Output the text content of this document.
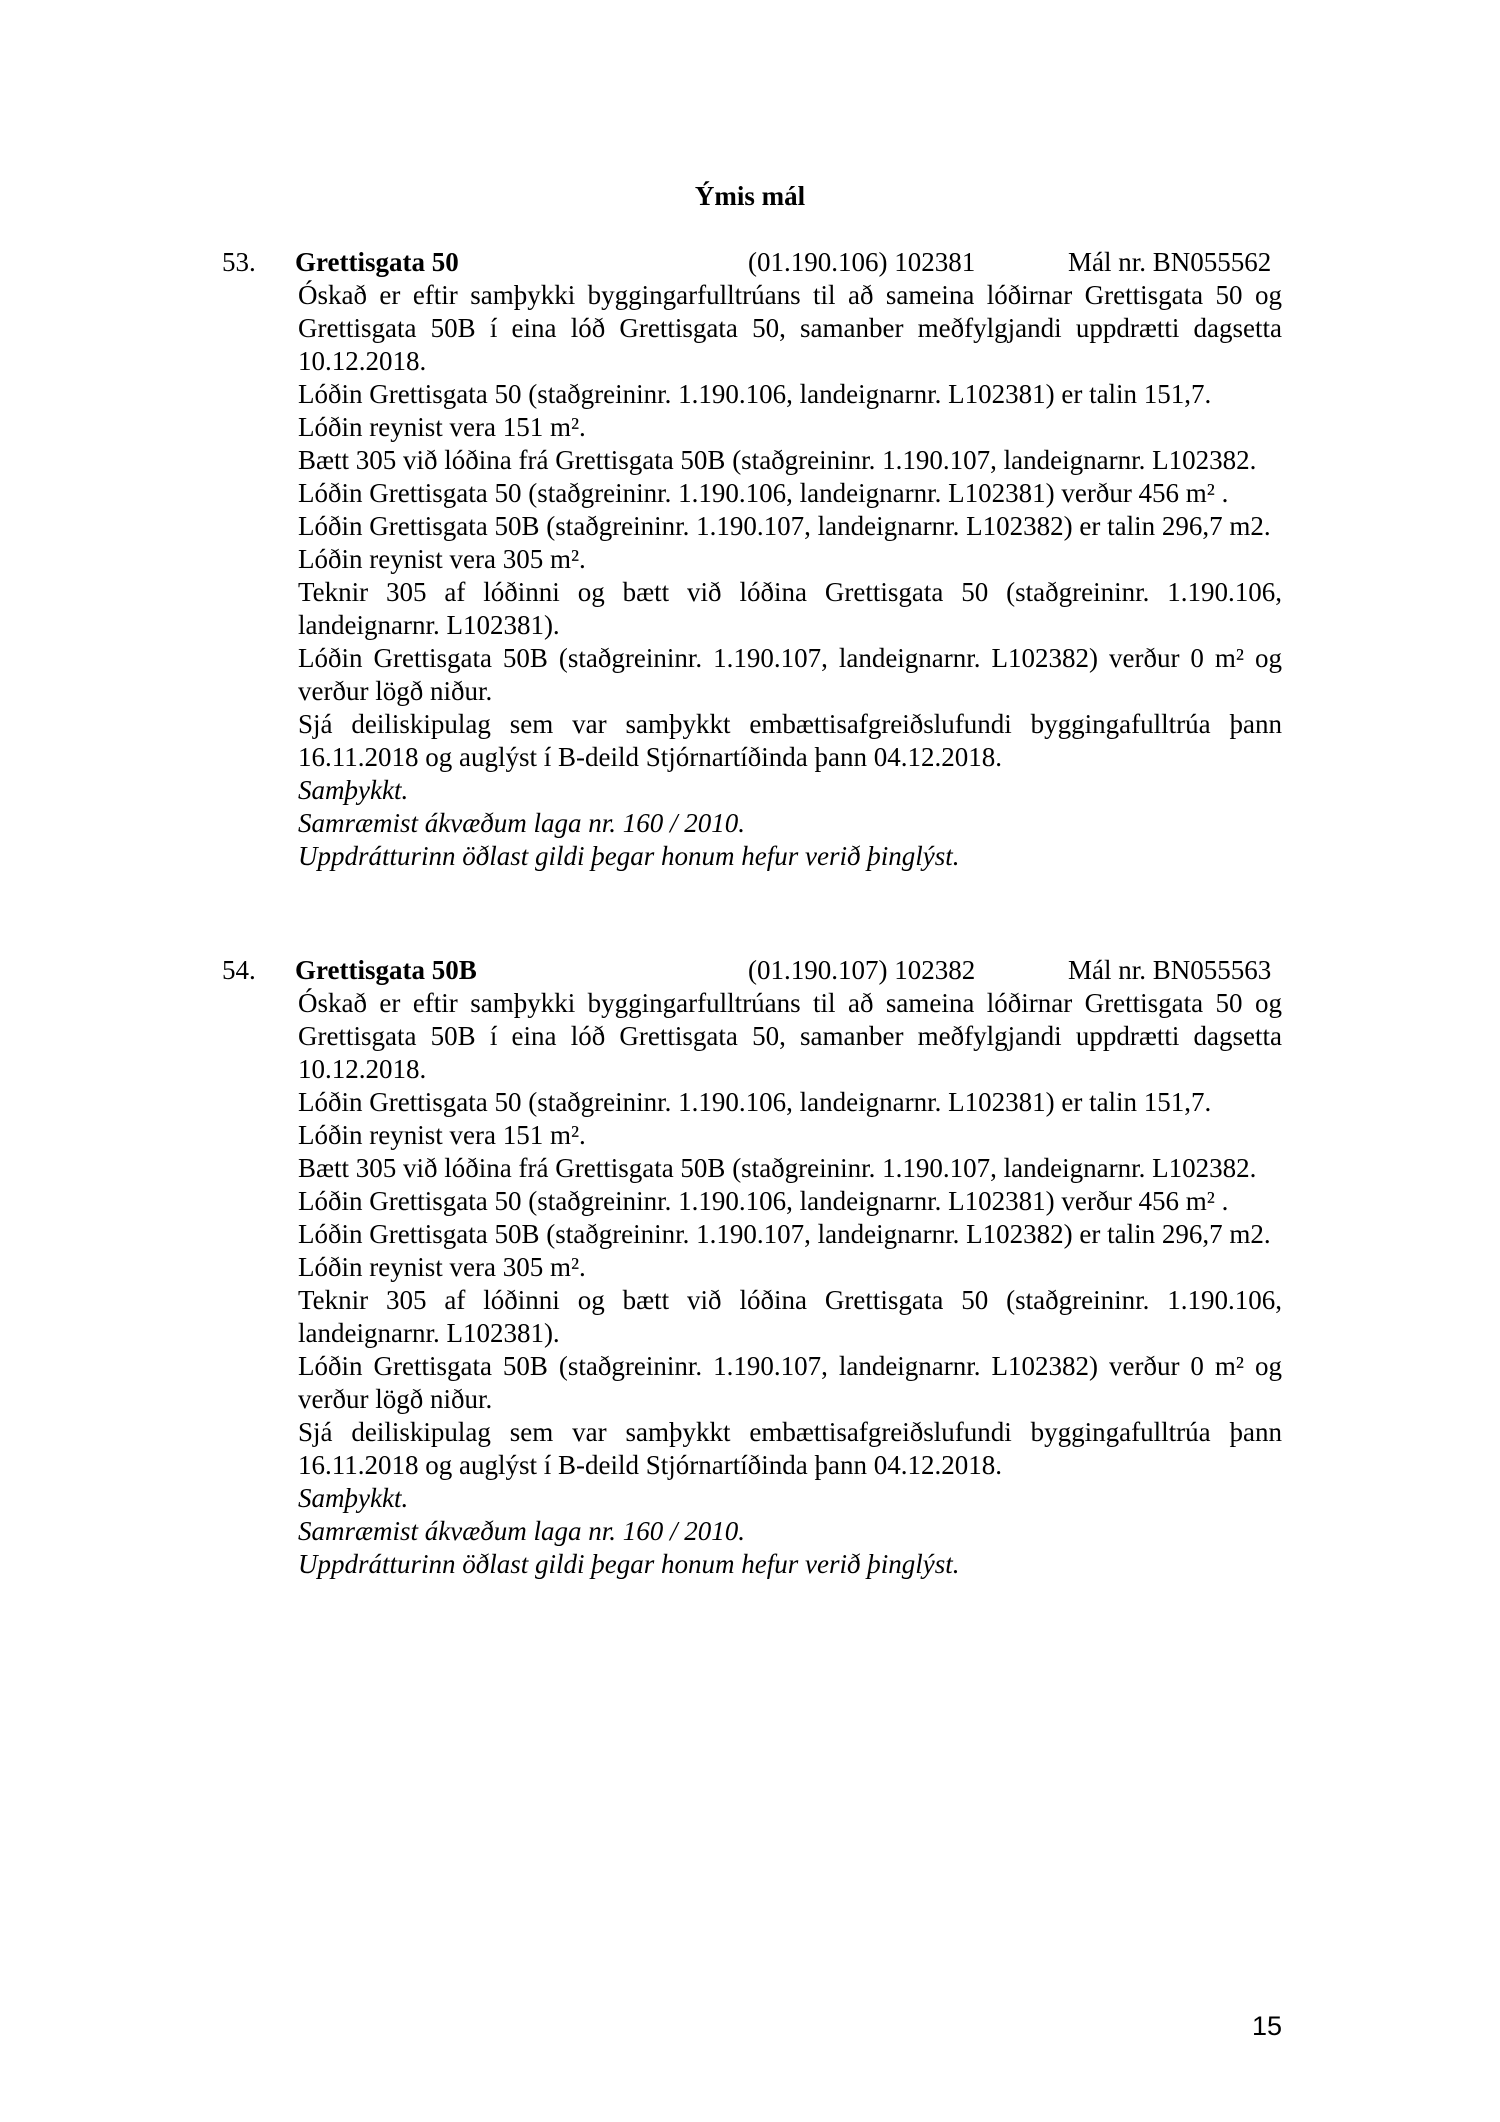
Ýmis mál
53. Grettisgata 50	(01.190.106) 102381	Mál nr. BN055562

Óskað er eftir samþykki byggingarfulltrúans til að sameina lóðirnar Grettisgata 50 og Grettisgata 50B í eina lóð Grettisgata 50, samanber meðfylgjandi uppdrætti dagsetta 10.12.2018.

Lóðin Grettisgata 50 (staðgreininr. 1.190.106, landeignarnr. L102381) er talin 151,7.

Lóðin reynist vera 151 m².

Bætt 305 við lóðina frá Grettisgata 50B (staðgreininr. 1.190.107, landeignarnr. L102382.

Lóðin Grettisgata 50 (staðgreininr. 1.190.106, landeignarnr. L102381) verður 456 m² .

Lóðin Grettisgata 50B (staðgreininr. 1.190.107, landeignarnr. L102382) er talin 296,7 m2.

Lóðin reynist vera 305 m².

Teknir 305 af lóðinni og bætt við lóðina Grettisgata 50 (staðgreininr. 1.190.106, landeignarnr. L102381).

Lóðin Grettisgata 50B (staðgreininr. 1.190.107, landeignarnr. L102382) verður 0 m² og verður lögð niður.

Sjá deiliskipulag sem var samþykkt embættisafgreiðslufundi byggingafulltrúa þann 16.11.2018 og auglýst í B-deild Stjórnartíðinda þann 04.12.2018.

Samþykkt.

Samræmist ákvæðum laga nr. 160 / 2010.

Uppdrátturinn öðlast gildi þegar honum hefur verið þinglýst.

54. Grettisgata 50B	(01.190.107) 102382	Mál nr. BN055563

Óskað er eftir samþykki byggingarfulltrúans til að sameina lóðirnar Grettisgata 50 og Grettisgata 50B í eina lóð Grettisgata 50, samanber meðfylgjandi uppdrætti dagsetta 10.12.2018.

Lóðin Grettisgata 50 (staðgreininr. 1.190.106, landeignarnr. L102381) er talin 151,7.

Lóðin reynist vera 151 m².

Bætt 305 við lóðina frá Grettisgata 50B (staðgreininr. 1.190.107, landeignarnr. L102382.

Lóðin Grettisgata 50 (staðgreininr. 1.190.106, landeignarnr. L102381) verður 456 m² .

Lóðin Grettisgata 50B (staðgreininr. 1.190.107, landeignarnr. L102382) er talin 296,7 m2.

Lóðin reynist vera 305 m².

Teknir 305 af lóðinni og bætt við lóðina Grettisgata 50 (staðgreininr. 1.190.106, landeignarnr. L102381).

Lóðin Grettisgata 50B (staðgreininr. 1.190.107, landeignarnr. L102382) verður 0 m² og verður lögð niður.

Sjá deiliskipulag sem var samþykkt embættisafgreiðslufundi byggingafulltrúa þann 16.11.2018 og auglýst í B-deild Stjórnartíðinda þann 04.12.2018.

Samþykkt.

Samræmist ákvæðum laga nr. 160 / 2010.

Uppdrátturinn öðlast gildi þegar honum hefur verið þinglýst.

15
